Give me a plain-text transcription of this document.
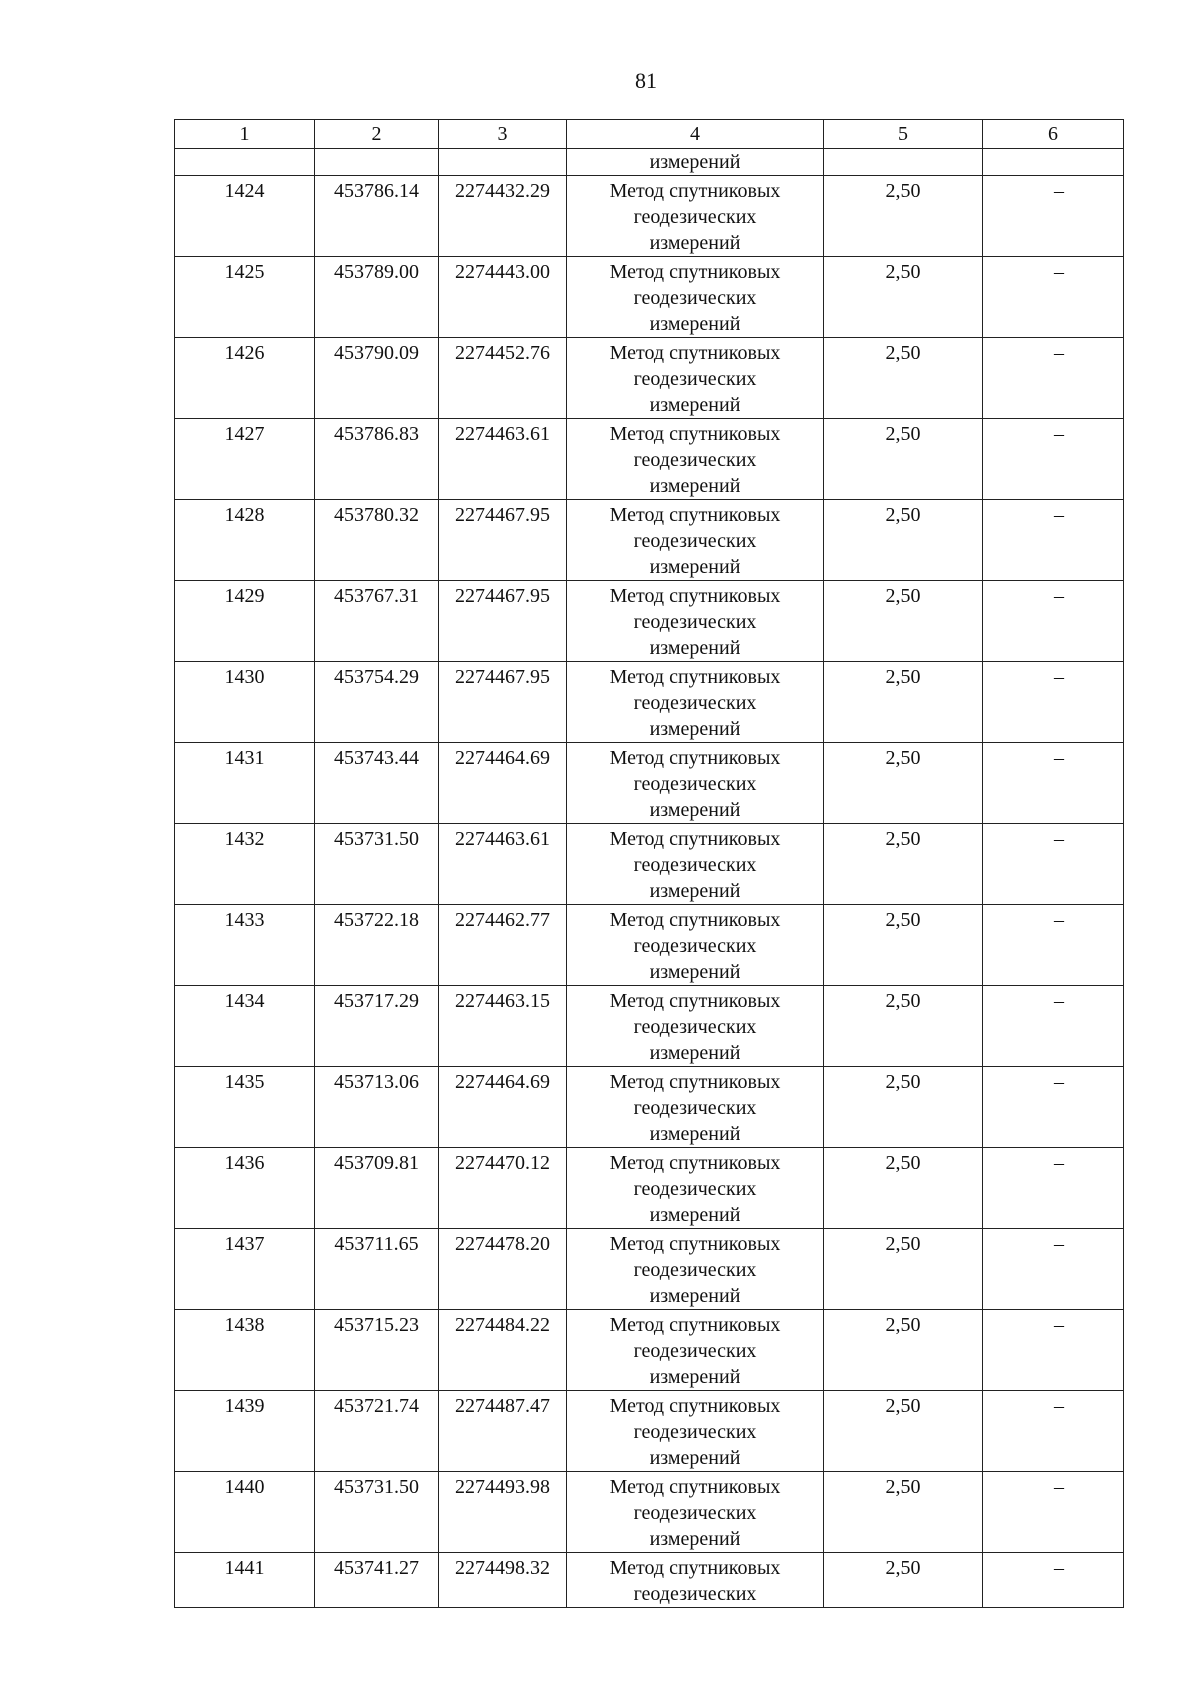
81
1	2	3	4	5	6
			измерений		
1424	453786.14	2274432.29	Метод спутниковых
геодезических
измерений	2,50	–
1425	453789.00	2274443.00	Метод спутниковых
геодезических
измерений	2,50	–
1426	453790.09	2274452.76	Метод спутниковых
геодезических
измерений	2,50	–
1427	453786.83	2274463.61	Метод спутниковых
геодезических
измерений	2,50	–
1428	453780.32	2274467.95	Метод спутниковых
геодезических
измерений	2,50	–
1429	453767.31	2274467.95	Метод спутниковых
геодезических
измерений	2,50	–
1430	453754.29	2274467.95	Метод спутниковых
геодезических
измерений	2,50	–
1431	453743.44	2274464.69	Метод спутниковых
геодезических
измерений	2,50	–
1432	453731.50	2274463.61	Метод спутниковых
геодезических
измерений	2,50	–
1433	453722.18	2274462.77	Метод спутниковых
геодезических
измерений	2,50	–
1434	453717.29	2274463.15	Метод спутниковых
геодезических
измерений	2,50	–
1435	453713.06	2274464.69	Метод спутниковых
геодезических
измерений	2,50	–
1436	453709.81	2274470.12	Метод спутниковых
геодезических
измерений	2,50	–
1437	453711.65	2274478.20	Метод спутниковых
геодезических
измерений	2,50	–
1438	453715.23	2274484.22	Метод спутниковых
геодезических
измерений	2,50	–
1439	453721.74	2274487.47	Метод спутниковых
геодезических
измерений	2,50	–
1440	453731.50	2274493.98	Метод спутниковых
геодезических
измерений	2,50	–
1441	453741.27	2274498.32	Метод спутниковых
геодезических	2,50	–
